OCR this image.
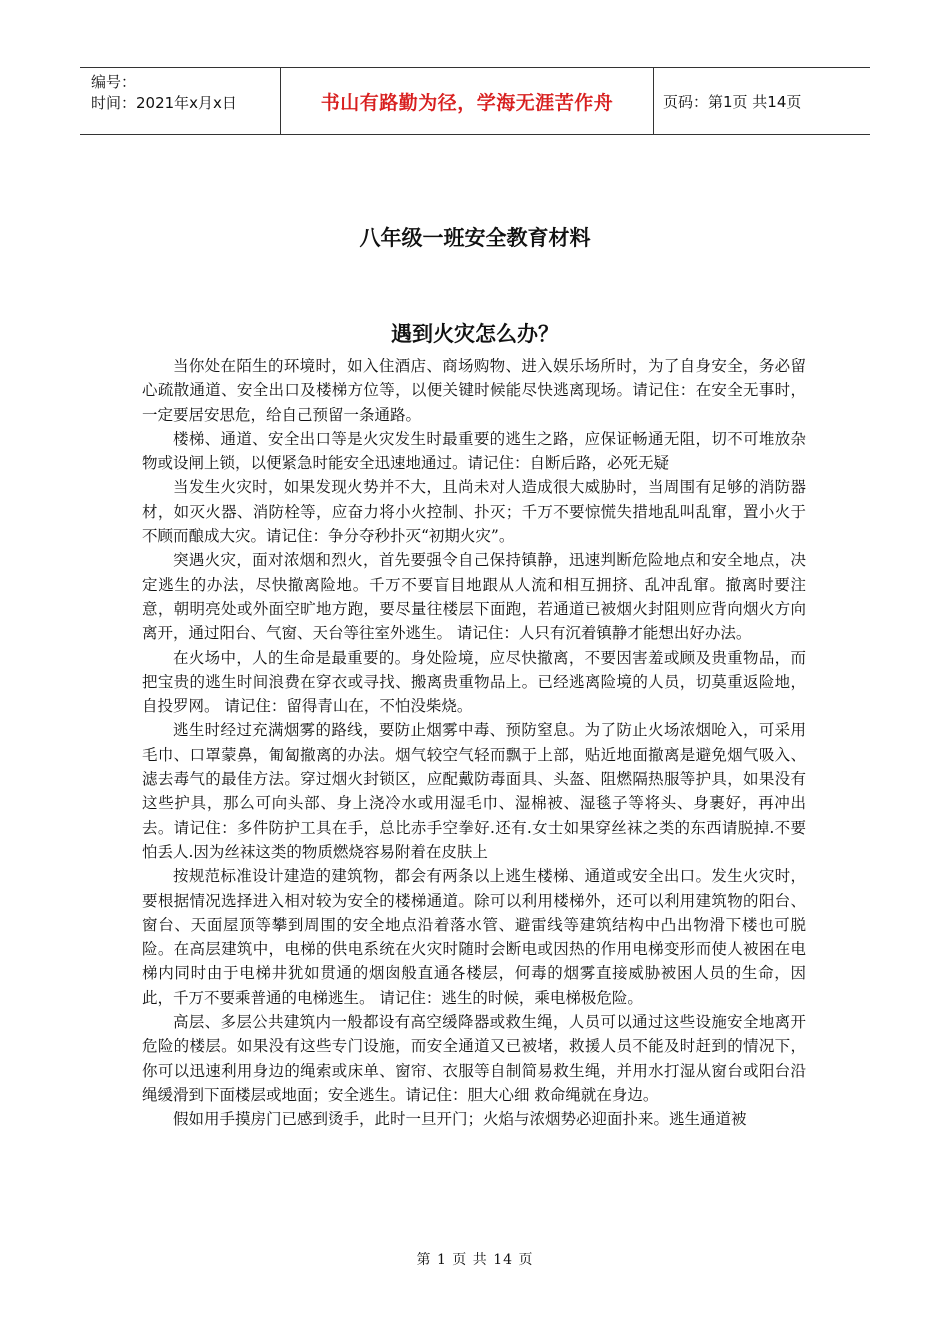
编号：
时间：2021年x月x日	书山有路勤为径，学海无涯苦作舟	页码：第1页 共14页
八年级一班安全教育材料
遇到火灾怎么办？

当你处在陌生的环境时，如入住酒店、商场购物、进入娱乐场所时，为了自身安全，务必留心疏散通道、安全出口及楼梯方位等，以便关键时候能尽快逃离现场。请记住：在安全无事时，一定要居安思危，给自己预留一条通路。

楼梯、通道、安全出口等是火灾发生时最重要的逃生之路，应保证畅通无阻，切不可堆放杂物或设闸上锁，以便紧急时能安全迅速地通过。请记住：自断后路，必死无疑

当发生火灾时，如果发现火势并不大，且尚未对人造成很大威胁时，当周围有足够的消防器材，如灭火器、消防栓等，应奋力将小火控制、扑灭；千万不要惊慌失措地乱叫乱窜，置小火于不顾而酿成大灾。请记住：争分夺秒扑灭“初期火灾”。

突遇火灾，面对浓烟和烈火，首先要强令自己保持镇静，迅速判断危险地点和安全地点，决定逃生的办法，尽快撤离险地。千万不要盲目地跟从人流和相互拥挤、乱冲乱窜。撤离时要注意，朝明亮处或外面空旷地方跑，要尽量往楼层下面跑，若通道已被烟火封阻则应背向烟火方向离开，通过阳台、气窗、天台等往室外逃生。 请记住：人只有沉着镇静才能想出好办法。

在火场中，人的生命是最重要的。身处险境，应尽快撤离，不要因害羞或顾及贵重物品，而把宝贵的逃生时间浪费在穿衣或寻找、搬离贵重物品上。已经逃离险境的人员，切莫重返险地，自投罗网。 请记住：留得青山在，不怕没柴烧。

逃生时经过充满烟雾的路线，要防止烟雾中毒、预防窒息。为了防止火场浓烟呛入，可采用毛巾、口罩蒙鼻，匍匐撤离的办法。烟气较空气轻而飘于上部，贴近地面撤离是避免烟气吸入、滤去毒气的最佳方法。穿过烟火封锁区，应配戴防毒面具、头盔、阻燃隔热服等护具，如果没有这些护具，那么可向头部、身上浇冷水或用湿毛巾、湿棉被、湿毯子等将头、身裹好，再冲出去。请记住：多件防护工具在手，总比赤手空拳好.还有.女士如果穿丝袜之类的东西请脱掉.不要怕丢人.因为丝袜这类的物质燃烧容易附着在皮肤上

按规范标准设计建造的建筑物，都会有两条以上逃生楼梯、通道或安全出口。发生火灾时，要根据情况选择进入相对较为安全的楼梯通道。除可以利用楼梯外，还可以利用建筑物的阳台、窗台、天面屋顶等攀到周围的安全地点沿着落水管、避雷线等建筑结构中凸出物滑下楼也可脱险。在高层建筑中，电梯的供电系统在火灾时随时会断电或因热的作用电梯变形而使人被困在电梯内同时由于电梯井犹如贯通的烟囱般直通各楼层，何毒的烟雾直接威胁被困人员的生命，因此，千万不要乘普通的电梯逃生。 请记住：逃生的时候，乘电梯极危险。

高层、多层公共建筑内一般都设有高空缓降器或救生绳，人员可以通过这些设施安全地离开危险的楼层。如果没有这些专门设施，而安全通道又已被堵，救援人员不能及时赶到的情况下，你可以迅速利用身边的绳索或床单、窗帘、衣服等自制简易救生绳，并用水打湿从窗台或阳台沿绳缓滑到下面楼层或地面；安全逃生。请记住：胆大心细 救命绳就在身边。

假如用手摸房门已感到烫手，此时一旦开门；火焰与浓烟势必迎面扑来。逃生通道被

第 1 页 共 14 页
